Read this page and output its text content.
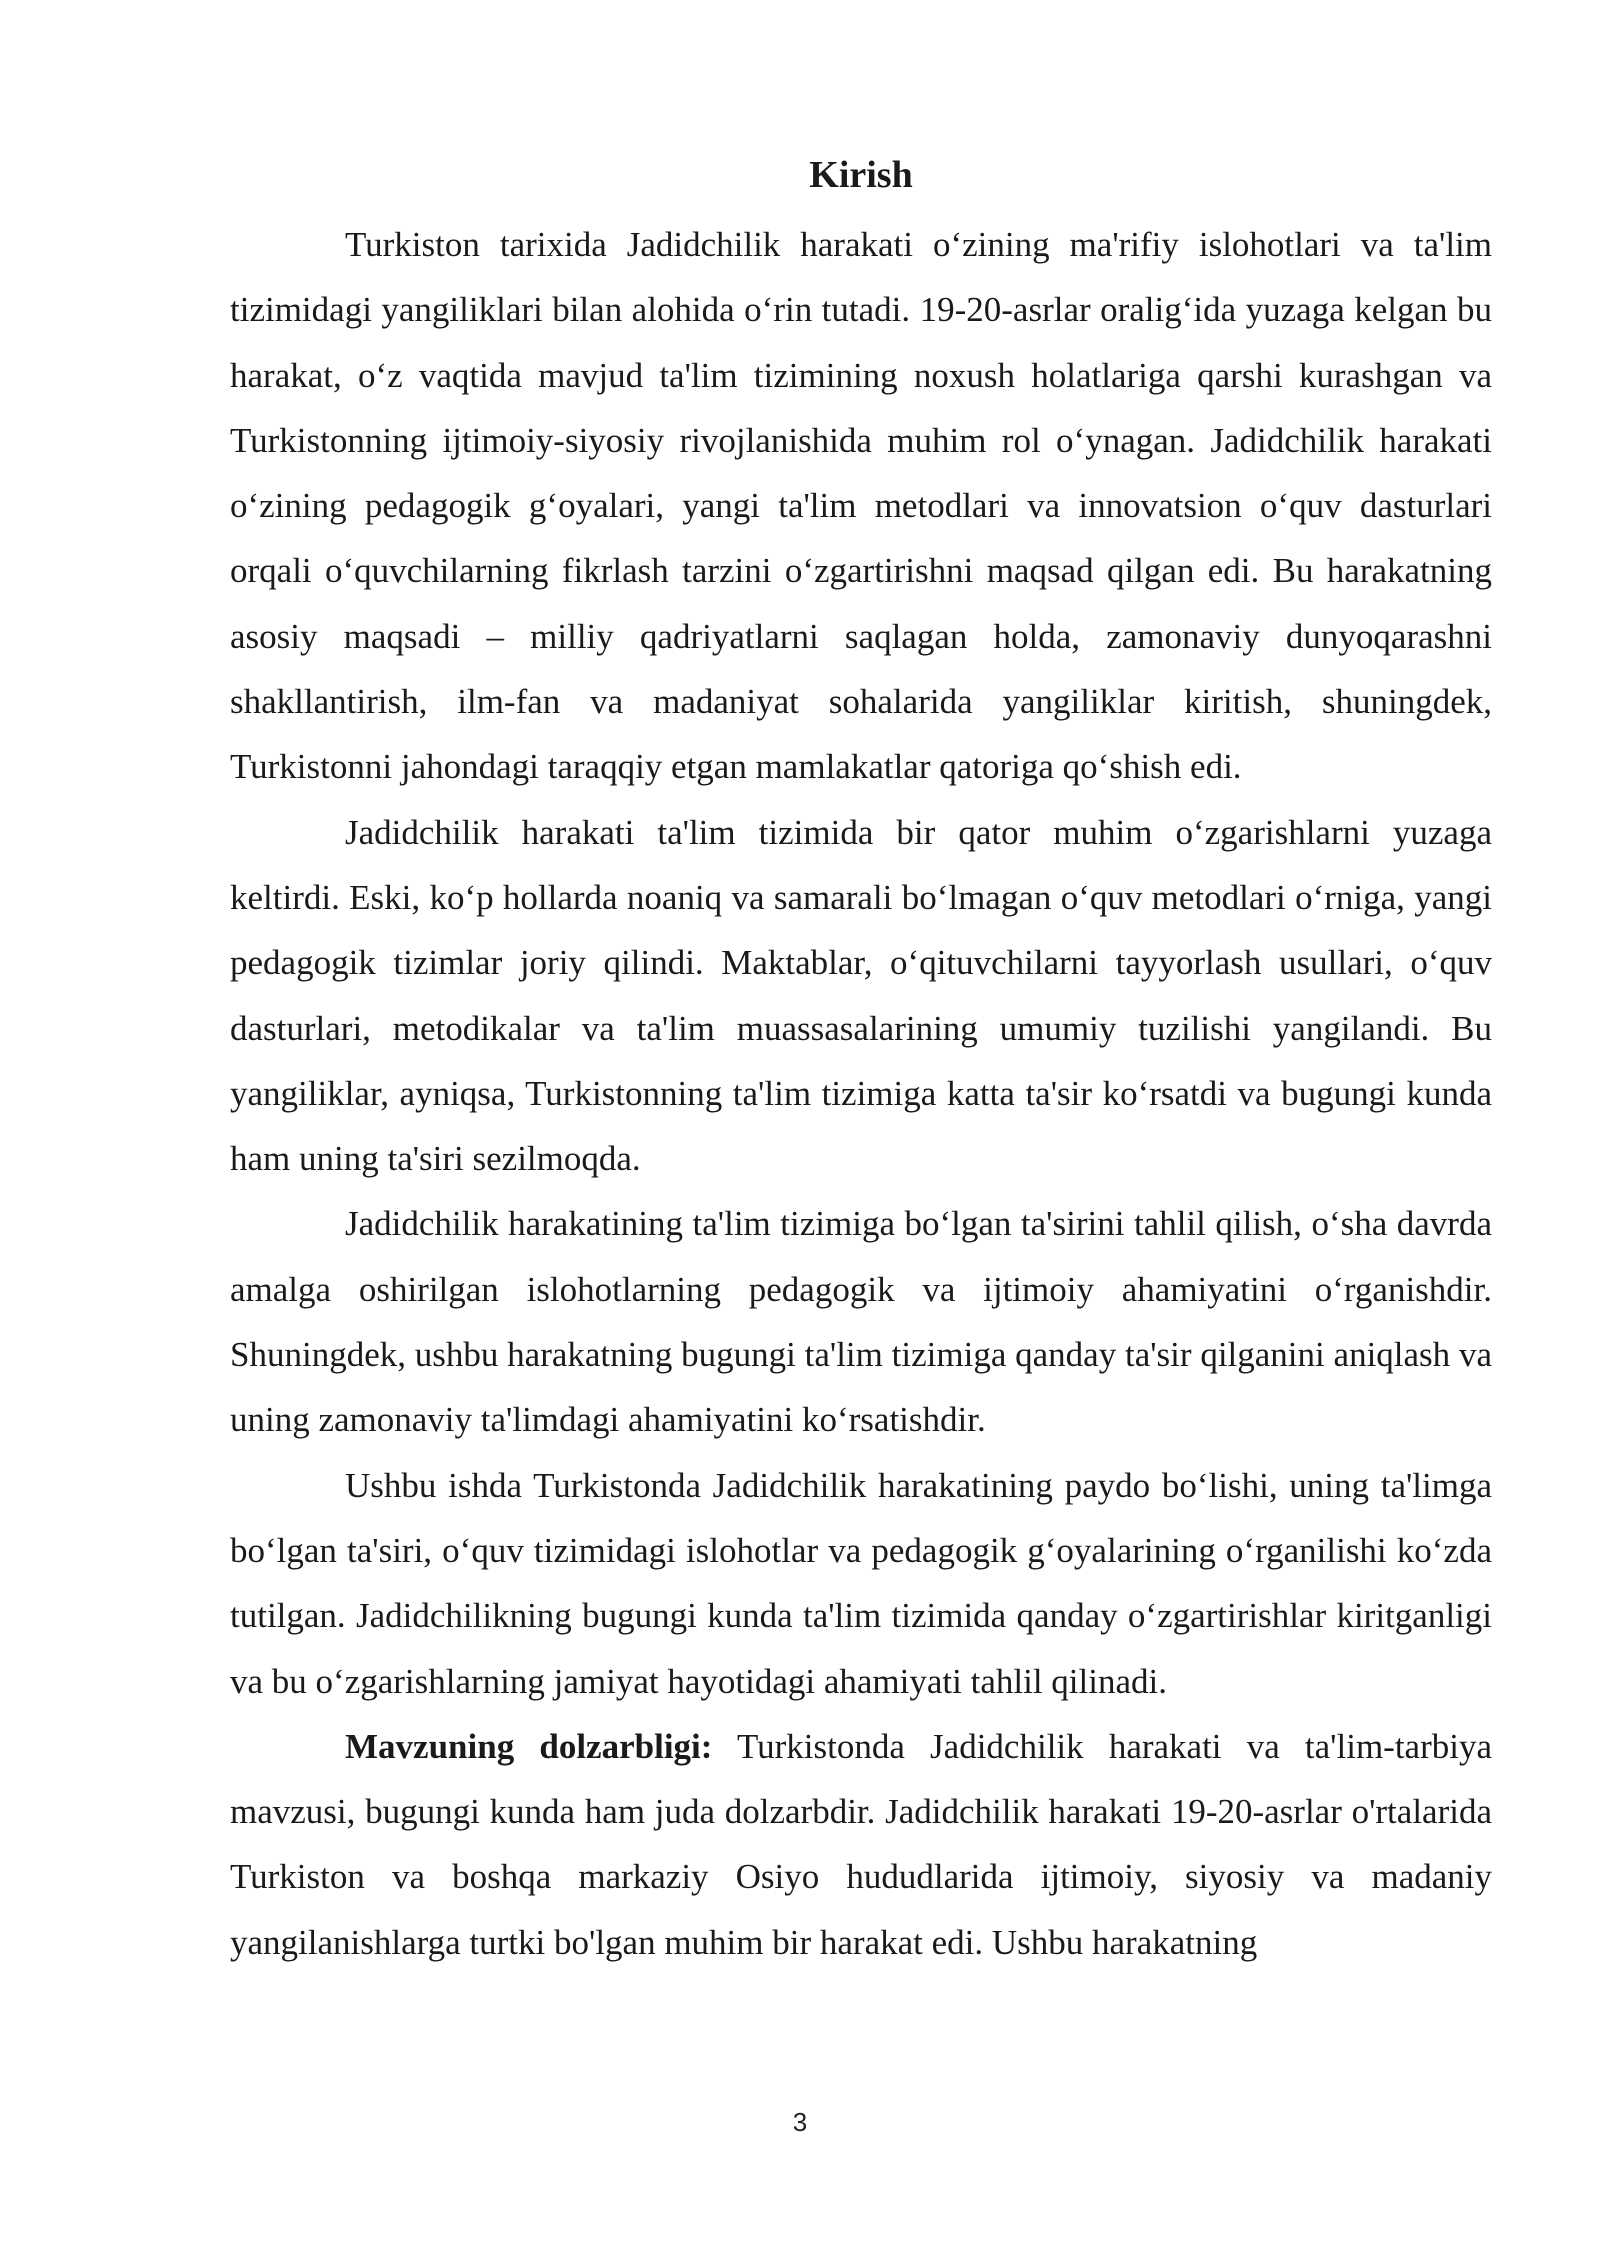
Kirish

Turkiston tarixida Jadidchilik harakati o‘zining ma'rifiy islohotlari va ta'lim tizimidagi yangiliklari bilan alohida o‘rin tutadi. 19-20-asrlar oralig‘ida yuzaga kelgan bu harakat, o‘z vaqtida mavjud ta'lim tizimining noxush holatlariga qarshi kurashgan va Turkistonning ijtimoiy-siyosiy rivojlanishida muhim rol o‘ynagan. Jadidchilik harakati o‘zining pedagogik g‘oyalari, yangi ta'lim metodlari va innovatsion o‘quv dasturlari orqali o‘quvchilarning fikrlash tarzini o‘zgartirishni maqsad qilgan edi. Bu harakatning asosiy maqsadi – milliy qadriyatlarni saqlagan holda, zamonaviy dunyoqarashni shakllantirish, ilm-fan va madaniyat sohalarida yangiliklar kiritish, shuningdek, Turkistonni jahondagi taraqqiy etgan mamlakatlar qatoriga qo‘shish edi.

Jadidchilik harakati ta'lim tizimida bir qator muhim o‘zgarishlarni yuzaga keltirdi. Eski, ko‘p hollarda noaniq va samarali bo‘lmagan o‘quv metodlari o‘rniga, yangi pedagogik tizimlar joriy qilindi. Maktablar, o‘qituvchilarni tayyorlash usullari, o‘quv dasturlari, metodikalar va ta'lim muassasalarining umumiy tuzilishi yangilandi. Bu yangiliklar, ayniqsa, Turkistonning ta'lim tizimiga katta ta'sir ko‘rsatdi va bugungi kunda ham uning ta'siri sezilmoqda.

Jadidchilik harakatining ta'lim tizimiga bo‘lgan ta'sirini tahlil qilish, o‘sha davrda amalga oshirilgan islohotlarning pedagogik va ijtimoiy ahamiyatini o‘rganishdir. Shuningdek, ushbu harakatning bugungi ta'lim tizimiga qanday ta'sir qilganini aniqlash va uning zamonaviy ta'limdagi ahamiyatini ko‘rsatishdir.

Ushbu ishda Turkistonda Jadidchilik harakatining paydo bo‘lishi, uning ta'limga bo‘lgan ta'siri, o‘quv tizimidagi islohotlar va pedagogik g‘oyalarining o‘rganilishi ko‘zda tutilgan. Jadidchilikning bugungi kunda ta'lim tizimida qanday o‘zgartirishlar kiritganligi va bu o‘zgarishlarning jamiyat hayotidagi ahamiyati tahlil qilinadi.

Mavzuning dolzarbligi: Turkistonda Jadidchilik harakati va ta'lim-tarbiya mavzusi, bugungi kunda ham juda dolzarbdir. Jadidchilik harakati 19-20-asrlar o'rtalarida Turkiston va boshqa markaziy Osiyo hududlarida ijtimoiy, siyosiy va madaniy yangilanishlarga turtki bo'lgan muhim bir harakat edi. Ushbu harakatning

3
